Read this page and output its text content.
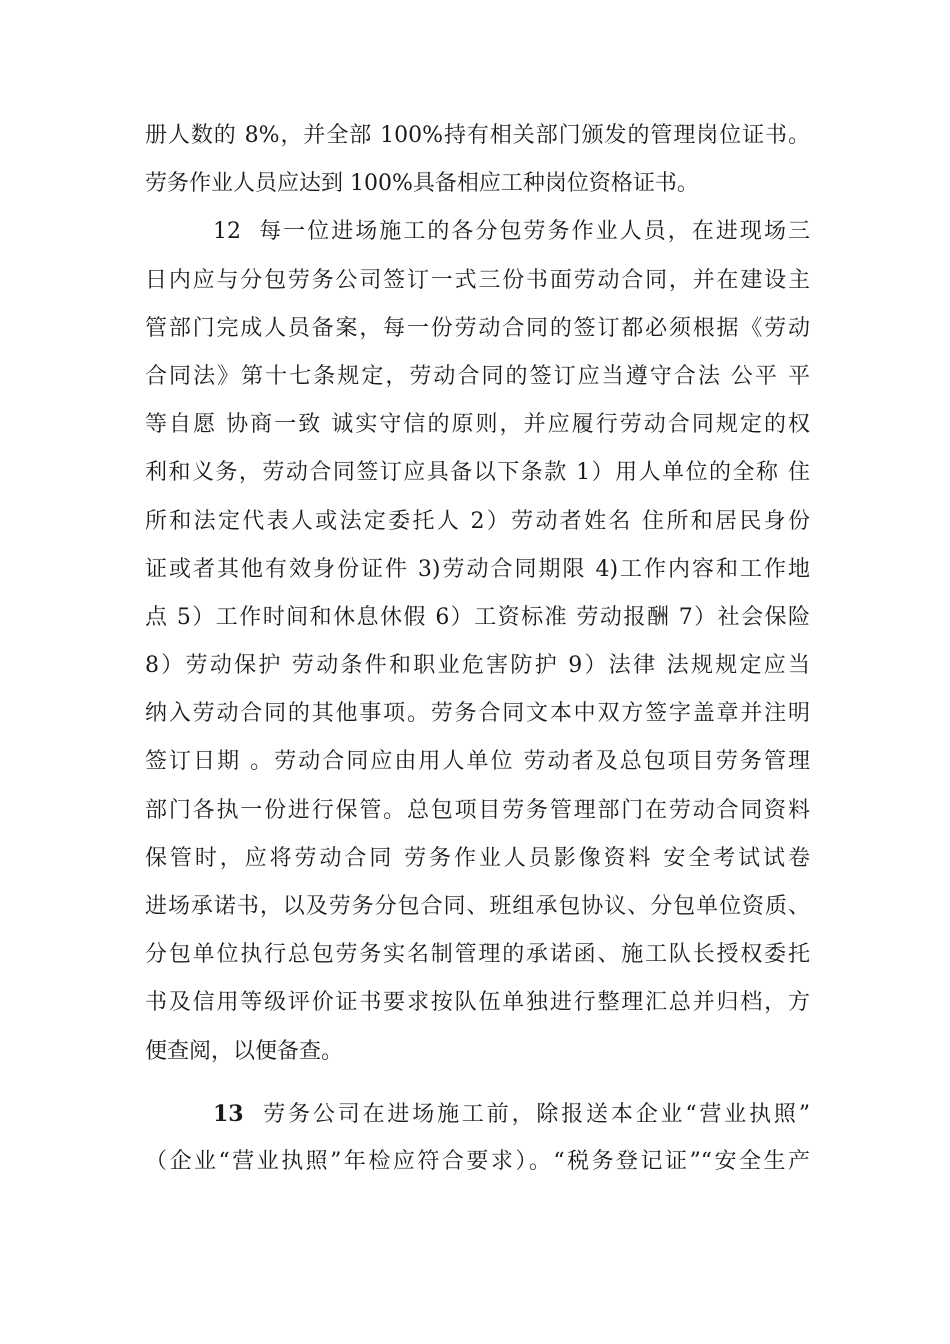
册人数的 8%，并全部 100%持有相关部门颁发的管理岗位证书。
劳务作业人员应达到 100%具备相应工种岗位资格证书。
12 每一位进场施工的各分包劳务作业人员，在进现场三
日内应与分包劳务公司签订一式三份书面劳动合同，并在建设主
管部门完成人员备案，每一份劳动合同的签订都必须根据《劳动
合同法》第十七条规定，劳动合同的签订应当遵守合法 公平 平
等自愿 协商一致 诚实守信的原则，并应履行劳动合同规定的权
利和义务，劳动合同签订应具备以下条款 1）用人单位的全称 住
所和法定代表人或法定委托人 2）劳动者姓名 住所和居民身份
证或者其他有效身份证件 3)劳动合同期限 4)工作内容和工作地
点 5）工作时间和休息休假 6）工资标准 劳动报酬 7）社会保险
8）劳动保护 劳动条件和职业危害防护 9）法律 法规规定应当
纳入劳动合同的其他事项。劳务合同文本中双方签字盖章并注明
签订日期 。劳动合同应由用人单位 劳动者及总包项目劳务管理
部门各执一份进行保管。总包项目劳务管理部门在劳动合同资料
保管时，应将劳动合同 劳务作业人员影像资料 安全考试试卷
进场承诺书，以及劳务分包合同、班组承包协议、分包单位资质、
分包单位执行总包劳务实名制管理的承诺函、施工队长授权委托
书及信用等级评价证书要求按队伍单独进行整理汇总并归档，方
便查阅，以便备查。
13 劳务公司在进场施工前，除报送本企业“营业执照”
（企业“营业执照”年检应符合要求）。“税务登记证”“安全生产
